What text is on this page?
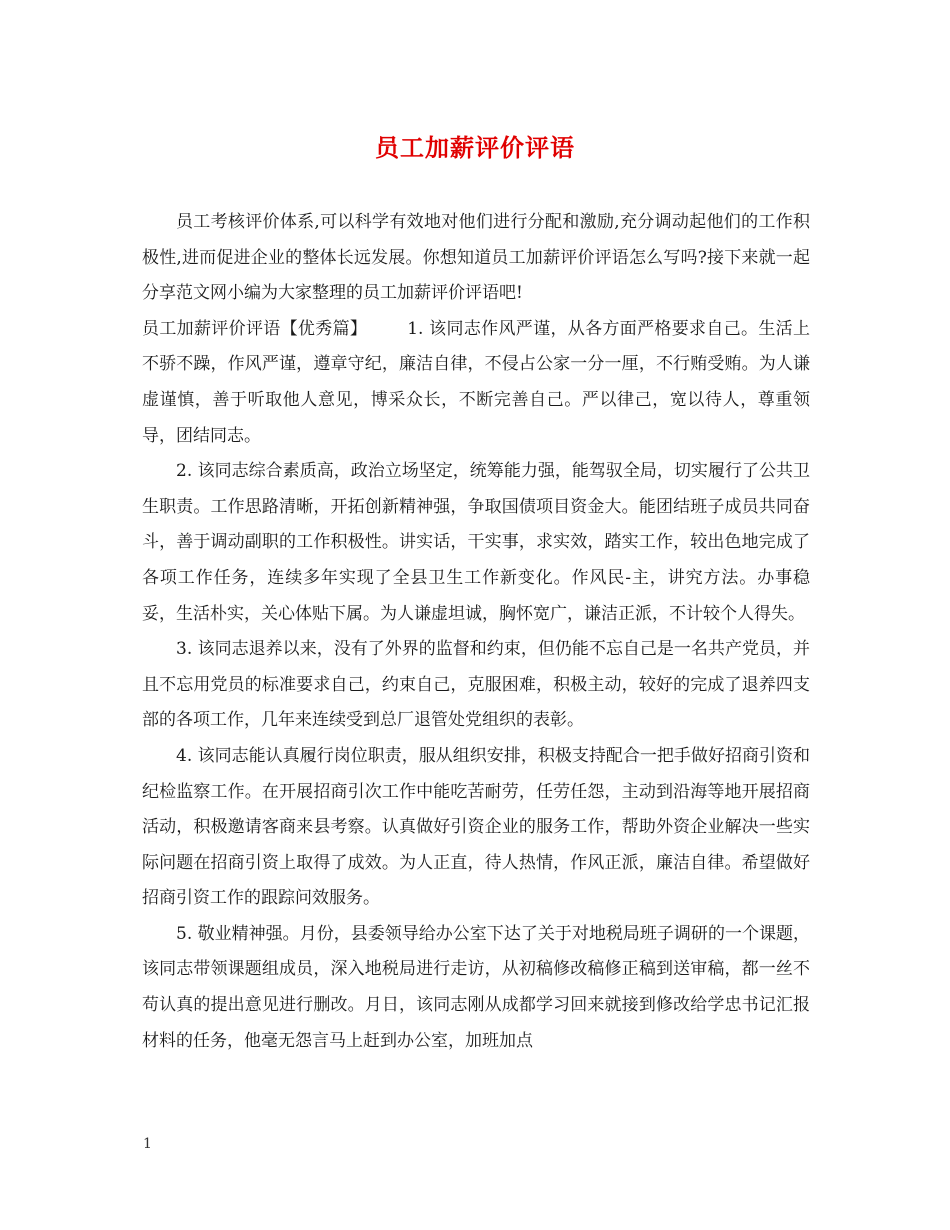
员工加薪评价评语

员工考核评价体系,可以科学有效地对他们进行分配和激励,充分调动起他们的工作积极性,进而促进企业的整体长远发展。你想知道员工加薪评价评语怎么写吗?接下来就一起分享范文网小编为大家整理的员工加薪评价评语吧!

员工加薪评价评语【优秀篇】 1. 该同志作风严谨，从各方面严格要求自己。生活上不骄不躁，作风严谨，遵章守纪，廉洁自律，不侵占公家一分一厘，不行贿受贿。为人谦虚谨慎，善于听取他人意见，博采众长，不断完善自己。严以律己，宽以待人，尊重领导，团结同志。

2. 该同志综合素质高，政治立场坚定，统筹能力强，能驾驭全局，切实履行了公共卫生职责。工作思路清晰，开拓创新精神强，争取国债项目资金大。能团结班子成员共同奋斗，善于调动副职的工作积极性。讲实话，干实事，求实效，踏实工作，较出色地完成了各项工作任务，连续多年实现了全县卫生工作新变化。作风民-主，讲究方法。办事稳妥，生活朴实，关心体贴下属。为人谦虚坦诚，胸怀宽广，谦洁正派，不计较个人得失。

3. 该同志退养以来，没有了外界的监督和约束，但仍能不忘自己是一名共产党员，并且不忘用党员的标准要求自己，约束自己，克服困难，积极主动，较好的完成了退养四支部的各项工作，几年来连续受到总厂退管处党组织的表彰。

4. 该同志能认真履行岗位职责，服从组织安排，积极支持配合一把手做好招商引资和纪检监察工作。在开展招商引次工作中能吃苦耐劳，任劳任怨，主动到沿海等地开展招商活动，积极邀请客商来县考察。认真做好引资企业的服务工作，帮助外资企业解决一些实际问题在招商引资上取得了成效。为人正直，待人热情，作风正派，廉洁自律。希望做好招商引资工作的跟踪问效服务。

5. 敬业精神强。月份，县委领导给办公室下达了关于对地税局班子调研的一个课题，该同志带领课题组成员，深入地税局进行走访，从初稿修改稿修正稿到送审稿，都一丝不苟认真的提出意见进行删改。月日，该同志刚从成都学习回来就接到修改给学忠书记汇报材料的任务，他毫无怨言马上赶到办公室，加班加点

1
